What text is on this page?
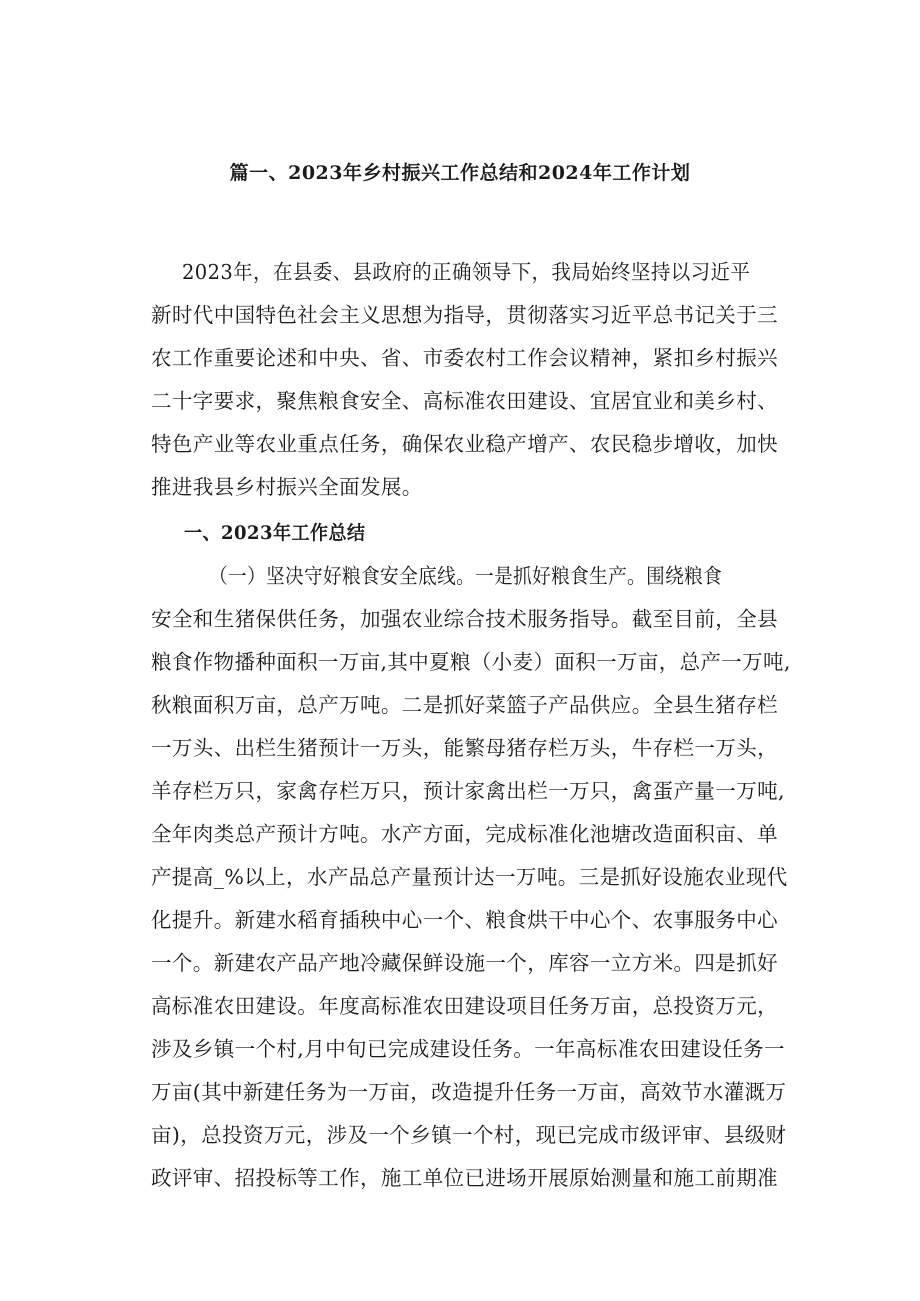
篇一、2023年乡村振兴工作总结和2024年工作计划
2023年，在县委、县政府的正确领导下，我局始终坚持以习近平
新时代中国特色社会主义思想为指导，贯彻落实习近平总书记关于三
农工作重要论述和中央、省、市委农村工作会议精神，紧扣乡村振兴
二十字要求，聚焦粮食安全、高标准农田建设、宜居宜业和美乡村、
特色产业等农业重点任务，确保农业稳产增产、农民稳步增收，加快
推进我县乡村振兴全面发展。
一、2023年工作总结
（一）坚决守好粮食安全底线。一是抓好粮食生产。围绕粮食
安全和生猪保供任务，加强农业综合技术服务指导。截至目前，全县
粮食作物播种面积一万亩,其中夏粮（小麦）面积一万亩，总产一万吨,
秋粮面积万亩，总产万吨。二是抓好菜篮子产品供应。全县生猪存栏
一万头、出栏生猪预计一万头，能繁母猪存栏万头，牛存栏一万头，
羊存栏万只，家禽存栏万只，预计家禽出栏一万只，禽蛋产量一万吨,
全年肉类总产预计方吨。水产方面，完成标准化池塘改造面积亩、单
产提高_%以上，水产品总产量预计达一万吨。三是抓好设施农业现代
化提升。新建水稻育插秧中心一个、粮食烘干中心个、农事服务中心
一个。新建农产品产地冷藏保鲜设施一个，库容一立方米。四是抓好
高标准农田建设。年度高标准农田建设项目任务万亩，总投资万元，
涉及乡镇一个村,月中旬已完成建设任务。一年高标准农田建设任务一
万亩(其中新建任务为一万亩，改造提升任务一万亩，高效节水灌溉万
亩)，总投资万元，涉及一个乡镇一个村，现已完成市级评审、县级财
政评审、招投标等工作，施工单位已进场开展原始测量和施工前期准
